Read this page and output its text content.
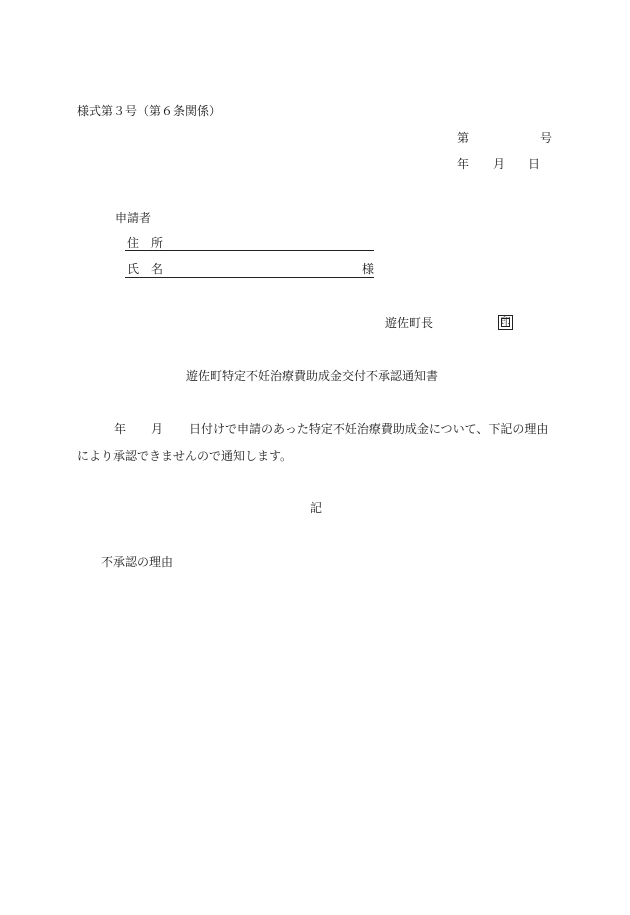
様式第３号（第６条関係）
第	号
年 月 日
申請者
住　所
氏　名	様
遊佐町長	印
遊佐町特定不妊治療費助成金交付不承認通知書
年 月 日付けで申請のあった特定不妊治療費助成金について、下記の理由
により承認できませんので通知します。
記
不承認の理由
